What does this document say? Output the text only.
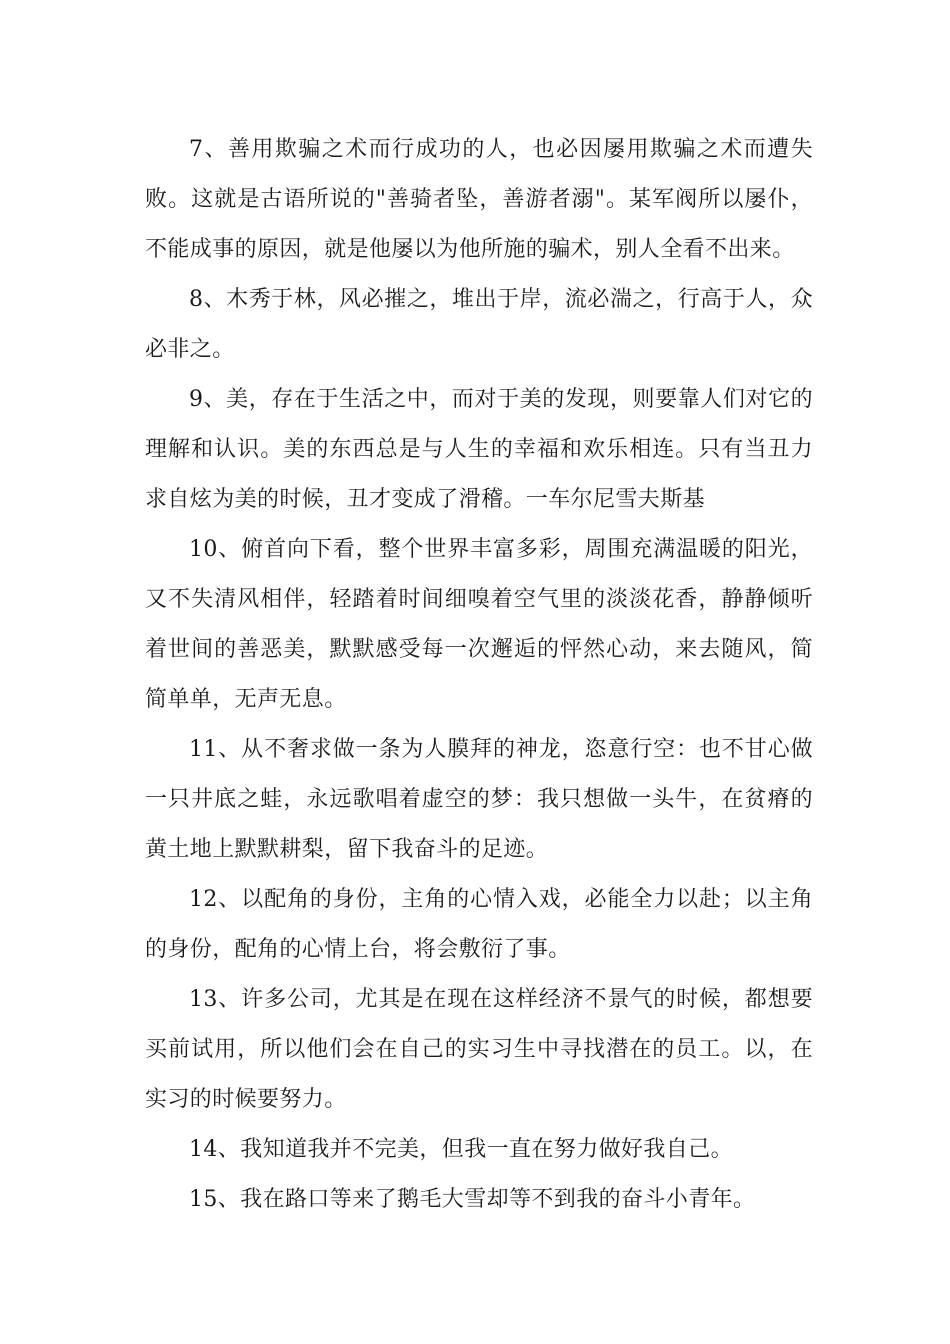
7、善用欺骗之术而行成功的人，也必因屡用欺骗之术而遭失败。这就是古语所说的"善骑者坠，善游者溺"。某军阀所以屡仆，不能成事的原因，就是他屡以为他所施的骗术，别人全看不出来。

8、木秀于林，风必摧之，堆出于岸，流必湍之，行高于人，众必非之。

9、美，存在于生活之中，而对于美的发现，则要靠人们对它的理解和认识。美的东西总是与人生的幸福和欢乐相连。只有当丑力求自炫为美的时候，丑才变成了滑稽。一车尔尼雪夫斯基

10、俯首向下看，整个世界丰富多彩，周围充满温暖的阳光，又不失清风相伴，轻踏着时间细嗅着空气里的淡淡花香，静静倾听着世间的善恶美，默默感受每一次邂逅的怦然心动，来去随风，简简单单，无声无息。

11、从不奢求做一条为人膜拜的神龙，恣意行空：也不甘心做一只井底之蛙，永远歌唱着虚空的梦：我只想做一头牛，在贫瘠的黄土地上默默耕梨，留下我奋斗的足迹。

12、以配角的身份，主角的心情入戏，必能全力以赴；以主角的身份，配角的心情上台，将会敷衍了事。

13、许多公司，尤其是在现在这样经济不景气的时候，都想要买前试用，所以他们会在自己的实习生中寻找潜在的员工。以，在实习的时候要努力。

14、我知道我并不完美，但我一直在努力做好我自己。

15、我在路口等来了鹅毛大雪却等不到我的奋斗小青年。
